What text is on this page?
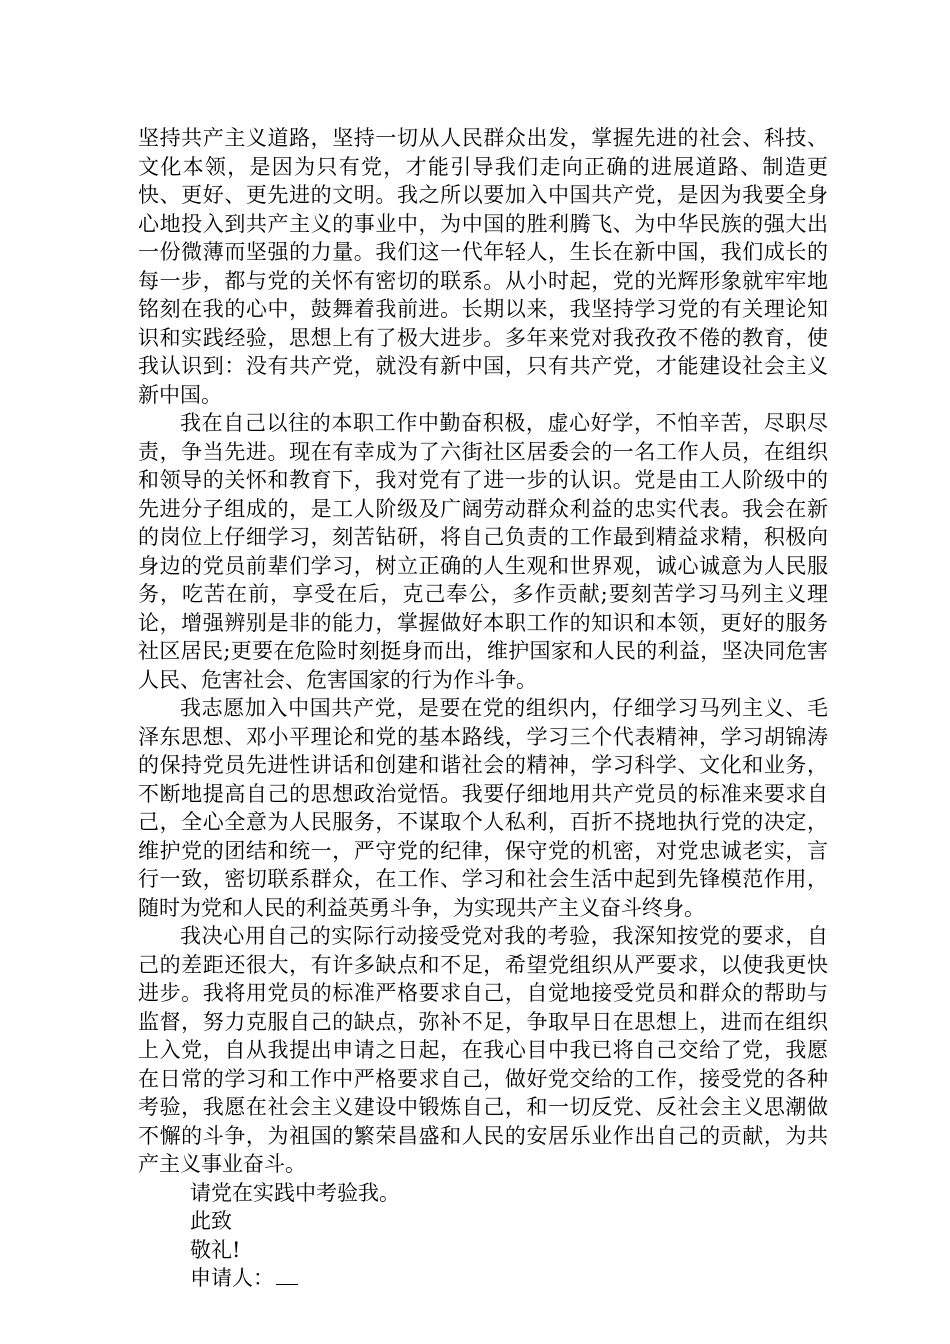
坚持共产主义道路，坚持一切从人民群众出发，掌握先进的社会、科技、文化本领，是因为只有党，才能引导我们走向正确的进展道路、制造更快、更好、更先进的文明。我之所以要加入中国共产党，是因为我要全身心地投入到共产主义的事业中，为中国的胜利腾飞、为中华民族的强大出一份微薄而坚强的力量。我们这一代年轻人，生长在新中国，我们成长的每一步，都与党的关怀有密切的联系。从小时起，党的光辉形象就牢牢地铭刻在我的心中，鼓舞着我前进。长期以来，我坚持学习党的有关理论知识和实践经验，思想上有了极大进步。多年来党对我孜孜不倦的教育，使我认识到：没有共产党，就没有新中国，只有共产党，才能建设社会主义新中国。

我在自己以往的本职工作中勤奋积极，虚心好学，不怕辛苦，尽职尽责，争当先进。现在有幸成为了六街社区居委会的一名工作人员，在组织和领导的关怀和教育下，我对党有了进一步的认识。党是由工人阶级中的先进分子组成的，是工人阶级及广阔劳动群众利益的忠实代表。我会在新的岗位上仔细学习，刻苦钻研，将自己负责的工作最到精益求精，积极向身边的党员前辈们学习，树立正确的人生观和世界观，诚心诚意为人民服务，吃苦在前，享受在后，克己奉公，多作贡献;要刻苦学习马列主义理论，增强辨别是非的能力，掌握做好本职工作的知识和本领，更好的服务社区居民;更要在危险时刻挺身而出，维护国家和人民的利益，坚决同危害人民、危害社会、危害国家的行为作斗争。

我志愿加入中国共产党，是要在党的组织内，仔细学习马列主义、毛泽东思想、邓小平理论和党的基本路线，学习三个代表精神，学习胡锦涛的保持党员先进性讲话和创建和谐社会的精神，学习科学、文化和业务，不断地提高自己的思想政治觉悟。我要仔细地用共产党员的标准来要求自己，全心全意为人民服务，不谋取个人私利，百折不挠地执行党的决定，维护党的团结和统一，严守党的纪律，保守党的机密，对党忠诚老实，言行一致，密切联系群众，在工作、学习和社会生活中起到先锋模范作用，随时为党和人民的利益英勇斗争，为实现共产主义奋斗终身。

我决心用自己的实际行动接受党对我的考验，我深知按党的要求，自己的差距还很大，有许多缺点和不足，希望党组织从严要求，以使我更快进步。我将用党员的标准严格要求自己，自觉地接受党员和群众的帮助与监督，努力克服自己的缺点，弥补不足，争取早日在思想上，进而在组织上入党，自从我提出申请之日起，在我心目中我已将自己交给了党，我愿在日常的学习和工作中严格要求自己，做好党交给的工作，接受党的各种考验，我愿在社会主义建设中锻炼自己，和一切反党、反社会主义思潮做不懈的斗争，为祖国的繁荣昌盛和人民的安居乐业作出自己的贡献，为共产主义事业奋斗。

请党在实践中考验我。

此致

敬礼!

申请人：
